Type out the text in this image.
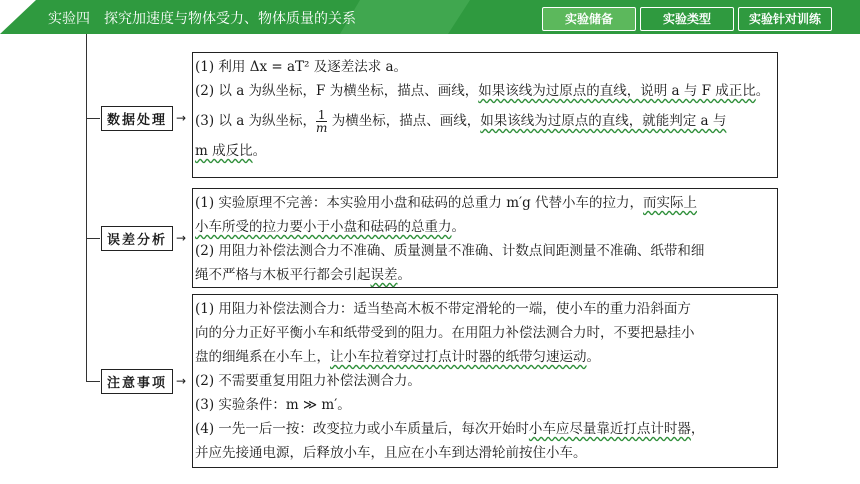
实验四　探究加速度与物体受力、物体质量的关系	实验储备	实验类型	实验针对训练
数据处理 →

(1) 利用 Δx = aT² 及逐差法求 a。

(2) 以 a 为纵坐标，F 为横坐标，描点、画线，如果该线为过原点的直线，说明 a 与 F 成正比。

(3) 以 a 为纵坐标， $\frac{1}{m}$ 为横坐标，描点、画线，如果该线为过原点的直线，就能判定 a 与

m 成反比。

误差分析 →

(1) 实验原理不完善：本实验用小盘和砝码的总重力 m′g 代替小车的拉力，而实际上

小车所受的拉力要小于小盘和砝码的总重力。

(2) 用阻力补偿法测合力不准确、质量测量不准确、计数点间距测量不准确、纸带和细

绳不严格与木板平行都会引起误差。

注意事项 →

(1) 用阻力补偿法测合力：适当垫高木板不带定滑轮的一端，使小车的重力沿斜面方

向的分力正好平衡小车和纸带受到的阻力。在用阻力补偿法测合力时，不要把悬挂小

盘的细绳系在小车上，让小车拉着穿过打点计时器的纸带匀速运动。

(2) 不需要重复用阻力补偿法测合力。

(3) 实验条件：m ≫ m′。

(4) 一先一后一按：改变拉力或小车质量后，每次开始时小车应尽量靠近打点计时器，

并应先接通电源，后释放小车，且应在小车到达滑轮前按住小车。
